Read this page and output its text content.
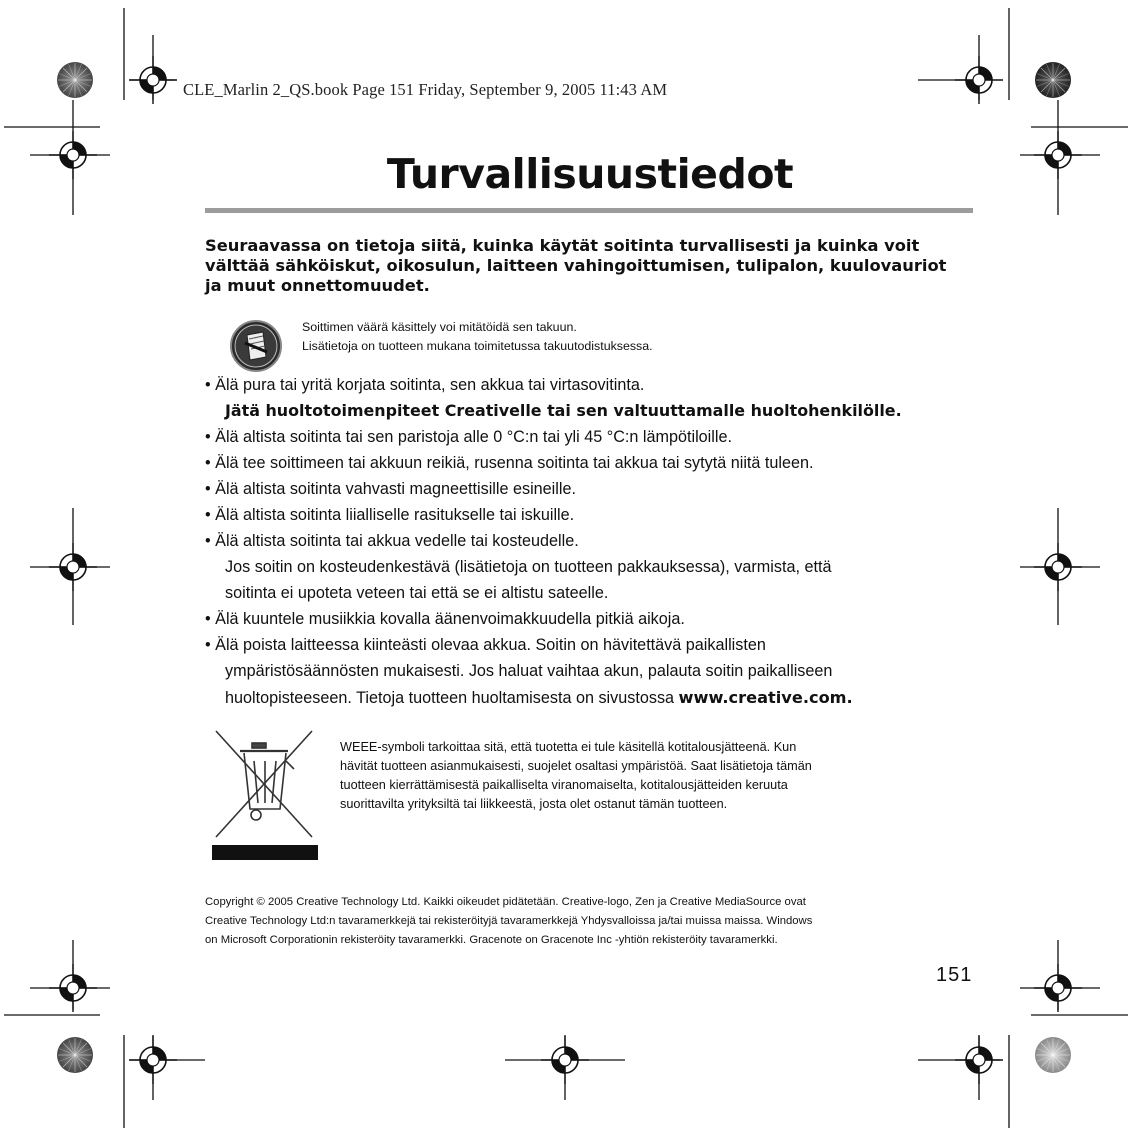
CLE_Marlin 2_QS.book Page 151 Friday, September 9, 2005 11:43 AM
Turvallisuustiedot
Seuraavassa on tietoja siitä, kuinka käytät soitinta turvallisesti ja kuinka voit
välttää sähköiskut, oikosulun, laitteen vahingoittumisen, tulipalon, kuulovauriot
ja muut onnettomuudet.
Soittimen väärä käsittely voi mitätöidä sen takuun.
Lisätietoja on tuotteen mukana toimitetussa takuutodistuksessa.
• Älä pura tai yritä korjata soitinta, sen akkua tai virtasovitinta.
Jätä huoltotoimenpiteet Creativelle tai sen valtuuttamalle huoltohenkilölle.
• Älä altista soitinta tai sen paristoja alle 0 °C:n tai yli 45 °C:n lämpötiloille.
• Älä tee soittimeen tai akkuun reikiä, rusenna soitinta tai akkua tai sytytä niitä tuleen.
• Älä altista soitinta vahvasti magneettisille esineille.
• Älä altista soitinta liialliselle rasitukselle tai iskuille.
• Älä altista soitinta tai akkua vedelle tai kosteudelle.
Jos soitin on kosteudenkestävä (lisätietoja on tuotteen pakkauksessa), varmista, että
soitinta ei upoteta veteen tai että se ei altistu sateelle.
• Älä kuuntele musiikkia kovalla äänenvoimakkuudella pitkiä aikoja.
• Älä poista laitteessa kiinteästi olevaa akkua. Soitin on hävitettävä paikallisten
ympäristösäännösten mukaisesti. Jos haluat vaihtaa akun, palauta soitin paikalliseen
huoltopisteeseen. Tietoja tuotteen huoltamisesta on sivustossa www.creative.com.
WEEE-symboli tarkoittaa sitä, että tuotetta ei tule käsitellä kotitalousjätteenä. Kun
hävität tuotteen asianmukaisesti, suojelet osaltasi ympäristöä. Saat lisätietoja tämän
tuotteen kierrättämisestä paikalliselta viranomaiselta, kotitalousjätteiden keruuta
suorittavilta yrityksiltä tai liikkeestä, josta olet ostanut tämän tuotteen.
Copyright © 2005 Creative Technology Ltd. Kaikki oikeudet pidätetään. Creative-logo, Zen ja Creative MediaSource ovat
Creative Technology Ltd:n tavaramerkkejä tai rekisteröityjä tavaramerkkejä Yhdysvalloissa ja/tai muissa maissa. Windows
on Microsoft Corporationin rekisteröity tavaramerkki. Gracenote on Gracenote Inc -yhtiön rekisteröity tavaramerkki.
151
